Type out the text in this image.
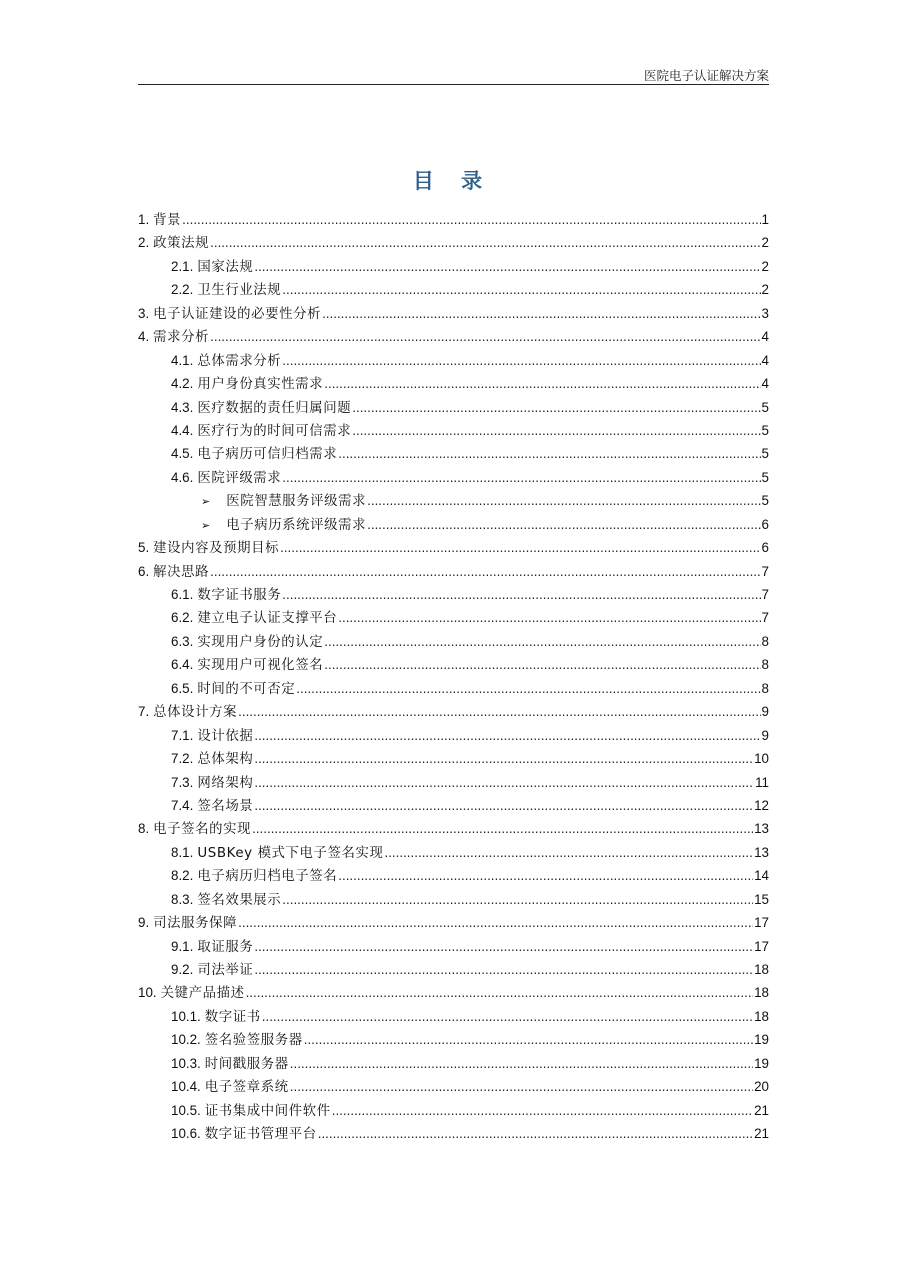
医院电子认证解决方案
目 录
1. 背景 .....	1
2. 政策法规 .....	2
2.1. 国家法规 .....	2
2.2. 卫生行业法规 .....	2
3. 电子认证建设的必要性分析 .....	3
4. 需求分析 .....	4
4.1. 总体需求分析 .....	4
4.2. 用户身份真实性需求 .....	4
4.3. 医疗数据的责任归属问题 .....	5
4.4. 医疗行为的时间可信需求 .....	5
4.5. 电子病历可信归档需求 .....	5
4.6. 医院评级需求 .....	5
➢ 医院智慧服务评级需求 .....	5
➢ 电子病历系统评级需求 .....	6
5. 建设内容及预期目标 .....	6
6. 解决思路 .....	7
6.1. 数字证书服务 .....	7
6.2. 建立电子认证支撑平台 .....	7
6.3. 实现用户身份的认定 .....	8
6.4. 实现用户可视化签名 .....	8
6.5. 时间的不可否定 .....	8
7. 总体设计方案 .....	9
7.1. 设计依据 .....	9
7.2. 总体架构 .....	10
7.3. 网络架构 .....	11
7.4. 签名场景 .....	12
8. 电子签名的实现 .....	13
8.1. USBKey 模式下电子签名实现 .....	13
8.2. 电子病历归档电子签名 .....	14
8.3. 签名效果展示 .....	15
9. 司法服务保障 .....	17
9.1. 取证服务 .....	17
9.2. 司法举证 .....	18
10. 关键产品描述 .....	18
10.1. 数字证书 .....	18
10.2. 签名验签服务器 .....	19
10.3. 时间戳服务器 .....	19
10.4. 电子签章系统 .....	20
10.5. 证书集成中间件软件 .....	21
10.6. 数字证书管理平台 .....	21
